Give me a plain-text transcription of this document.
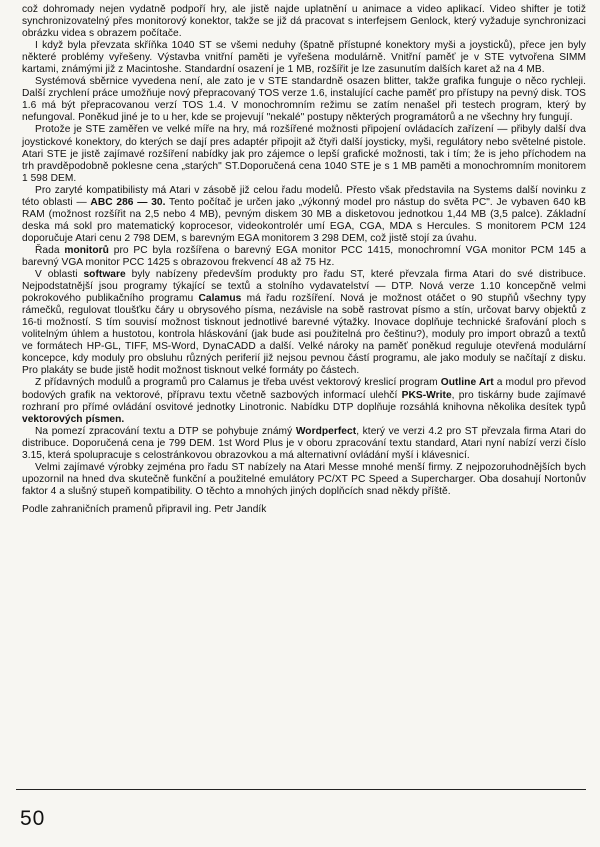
což dohromady nejen vydatně podpoří hry, ale jistě najde uplatnění u animace a video aplikací. Video shifter je totiž synchronizovatelný přes monitorový konektor, takže se již dá pracovat s interfejsem Genlock, který vyžaduje synchronizaci obrázku videa s obrazem počítače.

I když byla převzata skříňka 1040 ST se všemi neduhy (špatně přístupné konektory myši a joysticků), přece jen byly některé problémy vyřešeny. Výstavba vnitřní paměti je vyřešena modulárně. Vnitřní paměť je v STE vytvořena SIMM kartami, známými již z Macintoshe. Standardní osazení je 1 MB, rozšířit je lze zasunutím dalších karet až na 4 MB.

Systémová sběrnice vyvedena není, ale zato je v STE standardně osazen blitter, takže grafika funguje o něco rychleji. Další zrychlení práce umožňuje nový přepracovaný TOS verze 1.6, instalující cache paměť pro přístupy na pevný disk. TOS 1.6 má být přepracovanou verzí TOS 1.4. V monochromním režimu se zatím nenašel při testech program, který by nefungoval. Poněkud jiné je to u her, kde se projevují "nekalé" postupy některých programátorů a ne všechny hry fungují.

Protože je STE zaměřen ve velké míře na hry, má rozšířené možnosti připojení ovládacích zařízení — přibyly další dva joystickové konektory, do kterých se dají pres adaptér připojit až čtyři další joysticky, myši, regulátory nebo světelné pistole. Atari STE je jistě zajímavé rozšíření nabídky jak pro zájemce o lepší grafické možnosti, tak i tím; že is jeho příchodem na trh pravděpodobně poklesne cena „starých" ST.Doporučená cena 1040 STE je s 1 MB paměti a monochromním monitorem 1 598 DEM.

Pro zaryté kompatibilisty má Atari v zásobě již celou řadu modelů. Přesto však představila na Systems další novinku z této oblasti — ABC 286 — 30. Tento počítač je určen jako „výkonný model pro nástup do světa PC". Je vybaven 640 kB RAM (možnost rozšířit na 2,5 nebo 4 MB), pevným diskem 30 MB a disketovou jednotkou 1,44 MB (3,5 palce). Základní deska má sokl pro matematický koprocesor, videokontrolér umí EGA, CGA, MDA s Hercules. S monitorem PCM 124 doporučuje Atari cenu 2 798 DEM, s barevným EGA monitorem 3 298 DEM, což jistě stojí za úvahu.

Řada monitorů pro PC byla rozšířena o barevný EGA monitor PCC 1415, monochromní VGA monitor PCM 145 a barevný VGA monitor PCC 1425 s obrazovou frekvencí 48 až 75 Hz.

V oblasti software byly nabízeny především produkty pro řadu ST, které převzala firma Atari do své distribuce. Nejpodstatnější jsou programy týkající se textů a stolního vydavatelství — DTP. Nová verze 1.10 koncepčně velmi pokrokového publikačního programu Calamus má řadu rozšíření. Nová je možnost otáčet o 90 stupňů všechny typy rámečků, regulovat tloušťku čáry u obrysového písma, nezávisle na sobě rastrovat písmo a stín, určovat barvy objektů z 16-ti možností. S tím souvisí možnost tisknout jednotlivé barevné výtažky. Inovace doplňuje technické šrafování ploch s volitelným úhlem a hustotou, kontrola hláskování (jak bude asi použitelná pro češtinu?), moduly pro import obrazů a textů ve formátech HP-GL, TIFF, MS-Word, DynaCADD a další. Velké nároky na paměť poněkud reguluje otevřená modulární koncepce, kdy moduly pro obsluhu různých periferií již nejsou pevnou částí programu, ale jako moduly se načítají z disku. Pro plakáty se bude jistě hodit možnost tisknout velké formáty po částech.

Z přídavných modulů a programů pro Calamus je třeba uvést vektorový kreslicí program Outline Art a modul pro převod bodových grafik na vektorové, přípravu textu včetně sazbových informací ulehčí PKS-Write, pro tiskárny bude zajímavé rozhraní pro přímé ovládání osvitové jednotky Linotronic. Nabídku DTP doplňuje rozsáhlá knihovna několika desítek typů vektorových písmen.

Na pomezí zpracování textu a DTP se pohybuje známý Wordperfect, který ve verzi 4.2 pro ST převzala firma Atari do distribuce. Doporučená cena je 799 DEM. 1st Word Plus je v oboru zpracování textu standard, Atari nyní nabízí verzi číslo 3.15, která spolupracuje s celostránkovou obrazovkou a má alternativní ovládání myší i klávesnicí.

Velmi zajímavé výrobky zejména pro řadu ST nabízely na Atari Messe mnohé menší firmy. Z nejpozoruhodnějších bych upozornil na hned dva skutečně funkční a použitelné emulátory PC/XT PC Speed a Supercharger. Oba dosahují Nortonův faktor 4 a slušný stupeň kompatibility. O těchto a mnohých jiných doplňcích snad někdy příště.

Podle zahraničních pramenů připravil ing. Petr Jandík

50
